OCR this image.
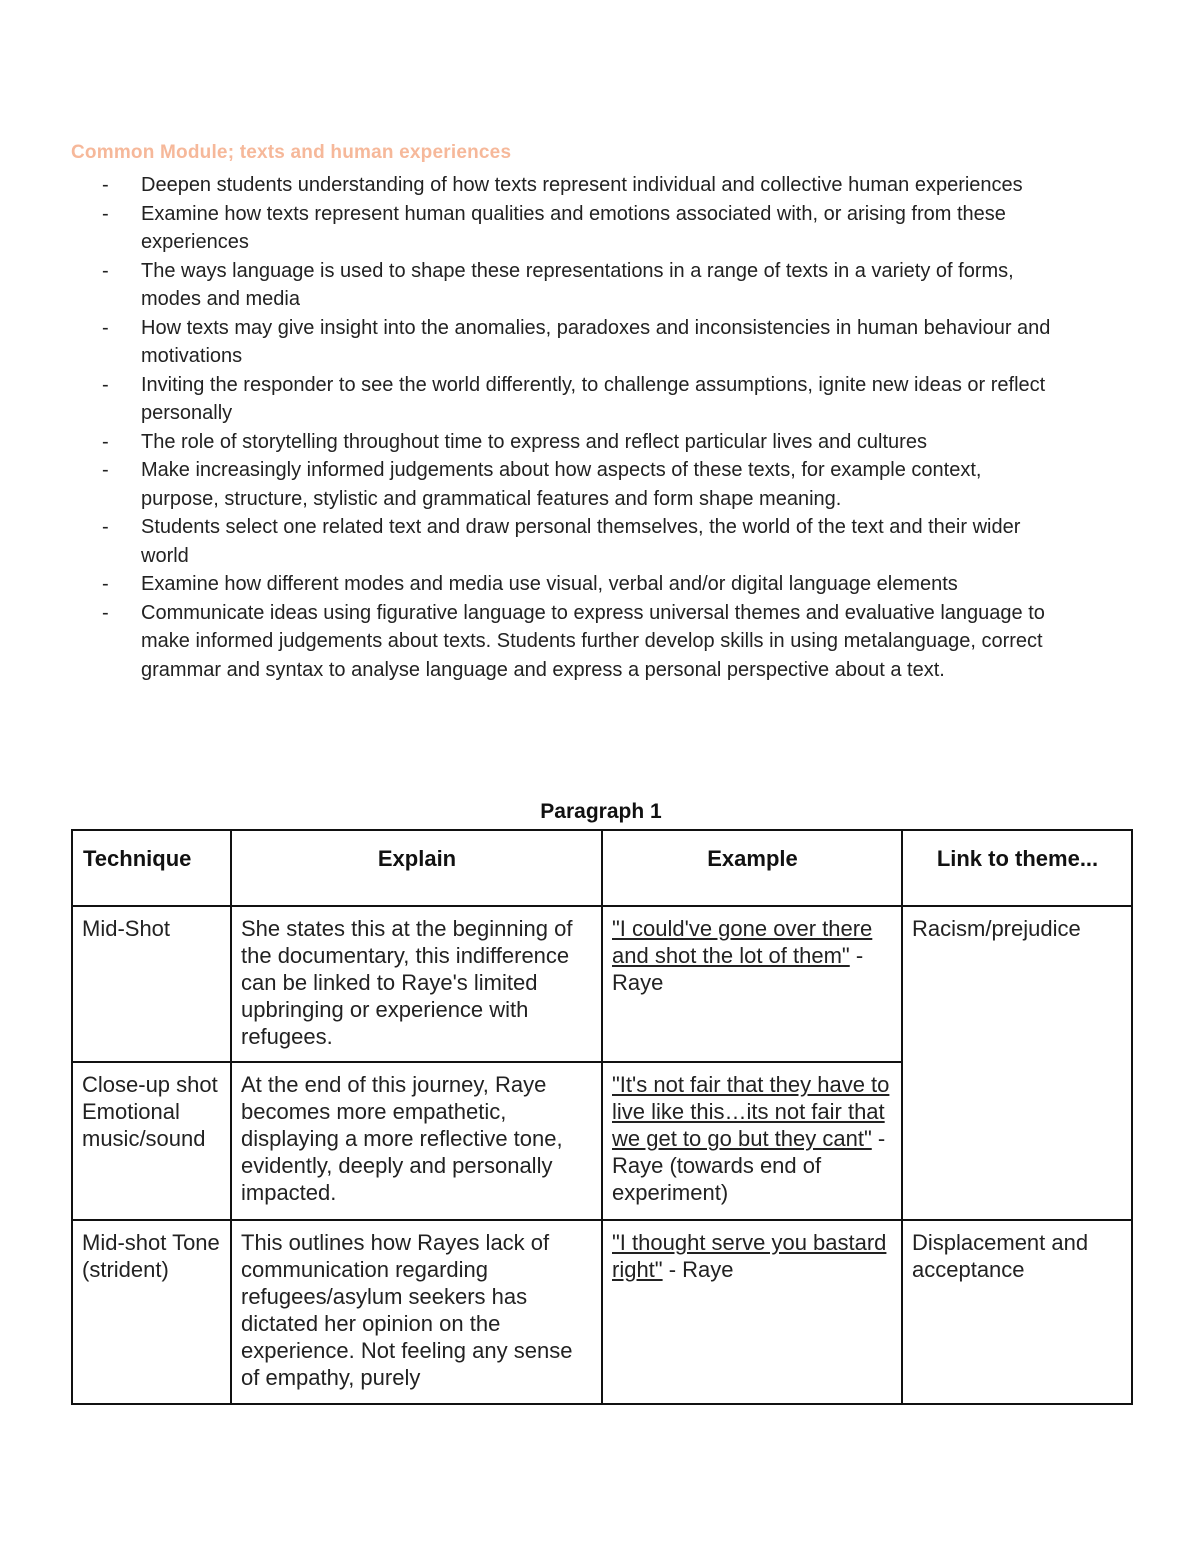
Common Module; texts and human experiences
- Deepen students understanding of how texts represent individual and collective human experiences
- Examine how texts represent human qualities and emotions associated with, or arising from these experiences
- The ways language is used to shape these representations in a range of texts in a variety of forms, modes and media
- How texts may give insight into the anomalies, paradoxes and inconsistencies in human behaviour and motivations
- Inviting the responder to see the world differently, to challenge assumptions, ignite new ideas or reflect personally
- The role of storytelling throughout time to express and reflect particular lives and cultures
- Make increasingly informed judgements about how aspects of these texts, for example context, purpose, structure, stylistic and grammatical features and form shape meaning.
- Students select one related text and draw personal themselves, the world of the text and their wider world
- Examine how different modes and media use visual, verbal and/or digital language elements
- Communicate ideas using figurative language to express universal themes and evaluative language to make informed judgements about texts. Students further develop skills in using metalanguage, correct grammar and syntax to analyse language and express a personal perspective about a text.
Paragraph 1
Technique	Explain	Example	Link to theme...
Mid-Shot	She states this at the beginning of the documentary, this indifference can be linked to Raye's limited upbringing or experience with refugees.	"I could've gone over there and shot the lot of them" - Raye	Racism/prejudice
Close-up shot Emotional music/sound	At the end of this journey, Raye becomes more empathetic, displaying a more reflective tone, evidently, deeply and personally impacted.	"It's not fair that they have to live like this…its not fair that we get to go but they cant" - Raye (towards end of experiment)	
Mid-shot Tone (strident)	This outlines how Rayes lack of communication regarding refugees/asylum seekers has dictated her opinion on the experience. Not feeling any sense of empathy, purely	"I thought serve you bastard right" - Raye	Displacement and acceptance
